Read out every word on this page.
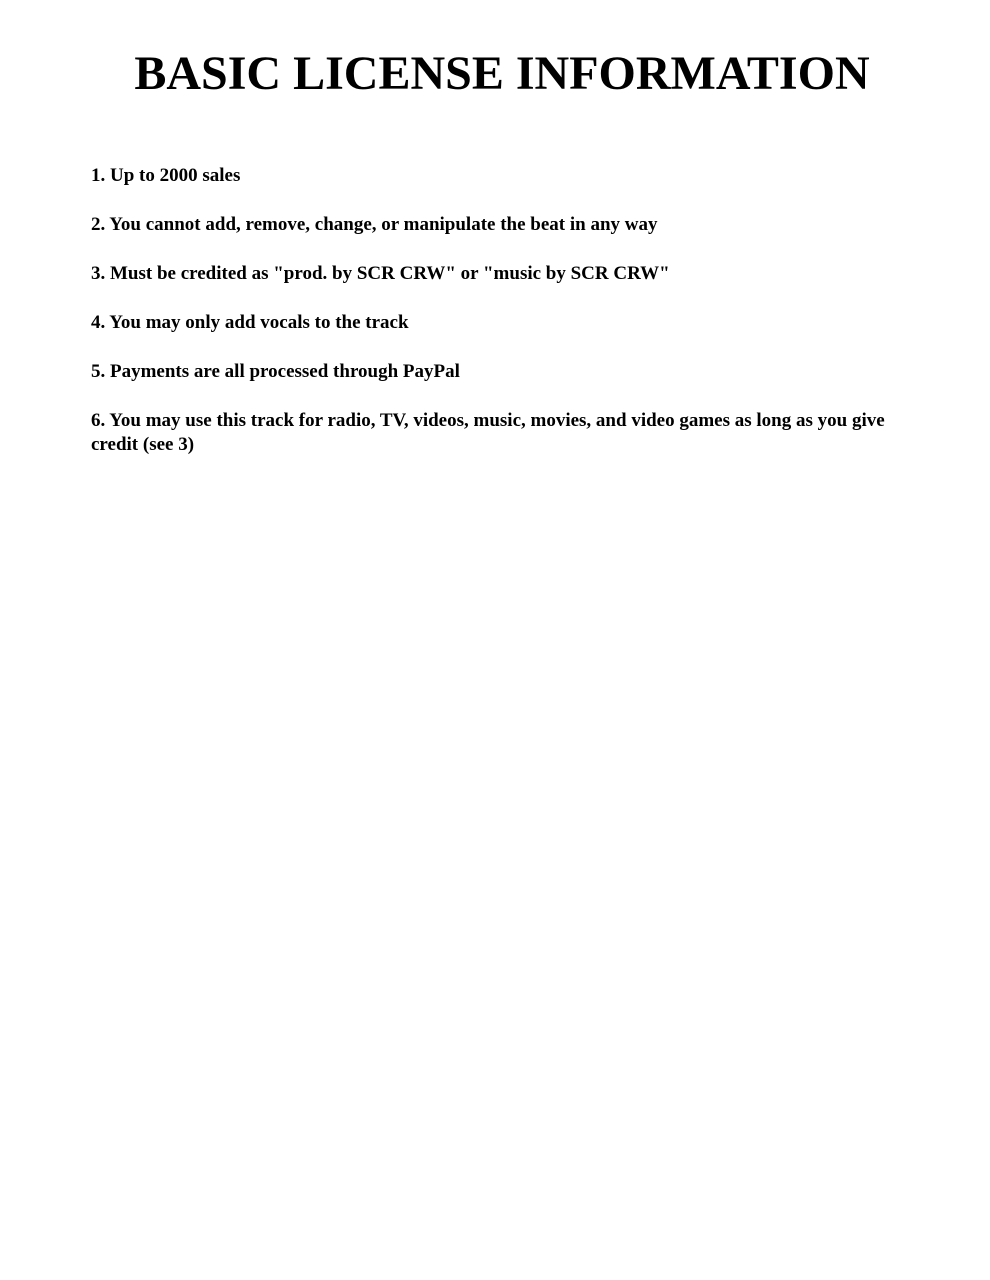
BASIC LICENSE INFORMATION
1. Up to 2000 sales
2. You cannot add, remove, change, or manipulate the beat in any way
3. Must be credited as "prod. by SCR CRW" or "music by SCR CRW"
4. You may only add vocals to the track
5. Payments are all processed through PayPal
6. You may use this track for radio, TV, videos, music, movies, and video games as long as you give credit (see 3)
